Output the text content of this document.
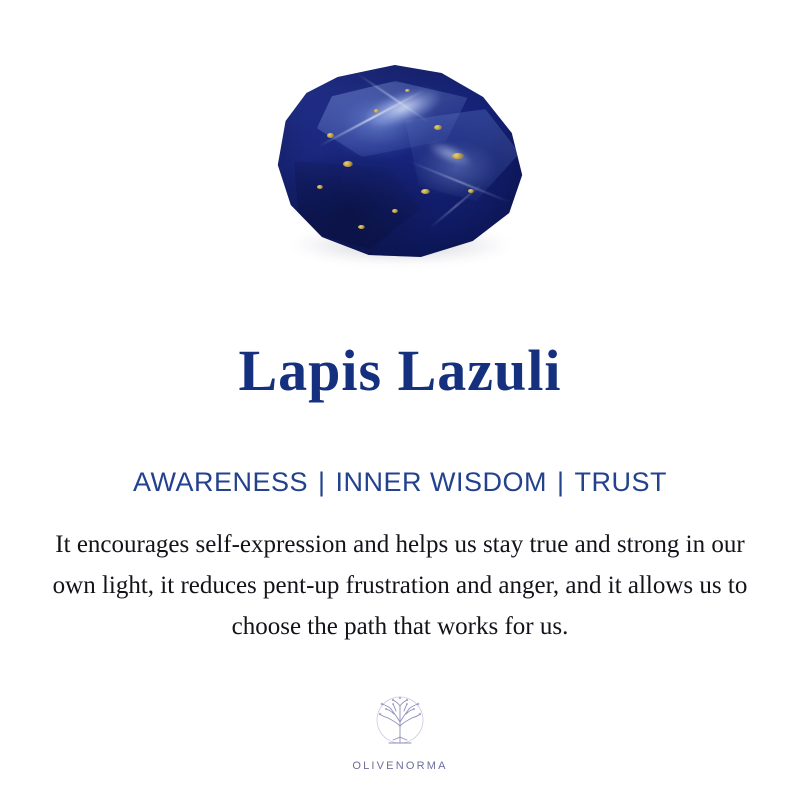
Lapis Lazuli
AWARENESS | INNER WISDOM | TRUST

It encourages self-expression and helps us stay true and strong in our own light, it reduces pent-up frustration and anger, and it allows us to choose the path that works for us.

OLIVENORMA
